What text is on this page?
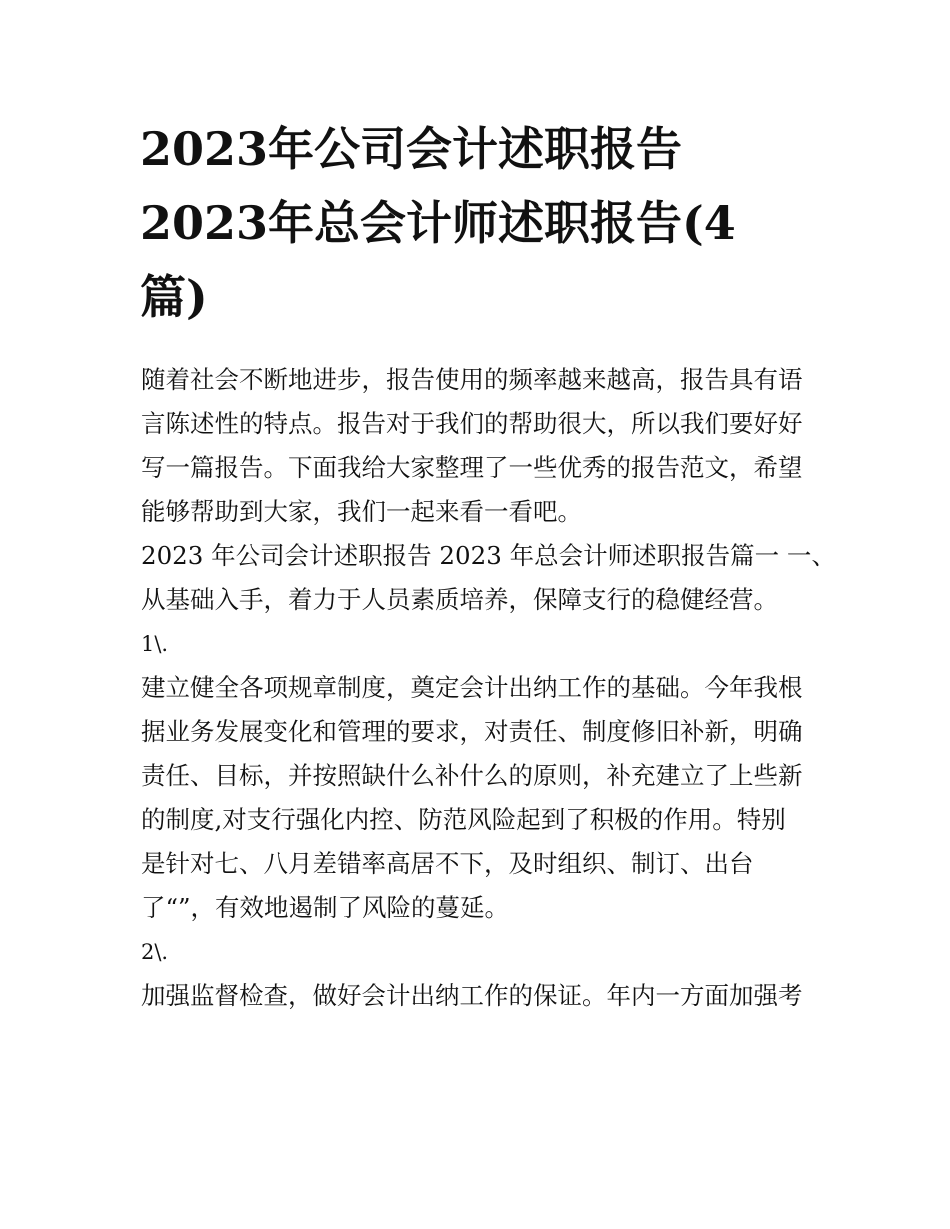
2023年公司会计述职报告
2023年总会计师述职报告(4
篇)

随着社会不断地进步，报告使用的频率越来越高，报告具有语
言陈述性的特点。报告对于我们的帮助很大，所以我们要好好
写一篇报告。下面我给大家整理了一些优秀的报告范文，希望
能够帮助到大家，我们一起来看一看吧。

2023 年公司会计述职报告 2023 年总会计师述职报告篇一 一、
从基础入手，着力于人员素质培养，保障支行的稳健经营。

1\.

建立健全各项规章制度，奠定会计出纳工作的基础。今年我根
据业务发展变化和管理的要求，对责任、制度修旧补新，明确
责任、目标，并按照缺什么补什么的原则，补充建立了上些新
的制度,对支行强化内控、防范风险起到了积极的作用。特别
是针对七、八月差错率高居不下，及时组织、制订、出台
了“”，有效地遏制了风险的蔓延。

2\.

加强监督检查，做好会计出纳工作的保证。年内一方面加强考
